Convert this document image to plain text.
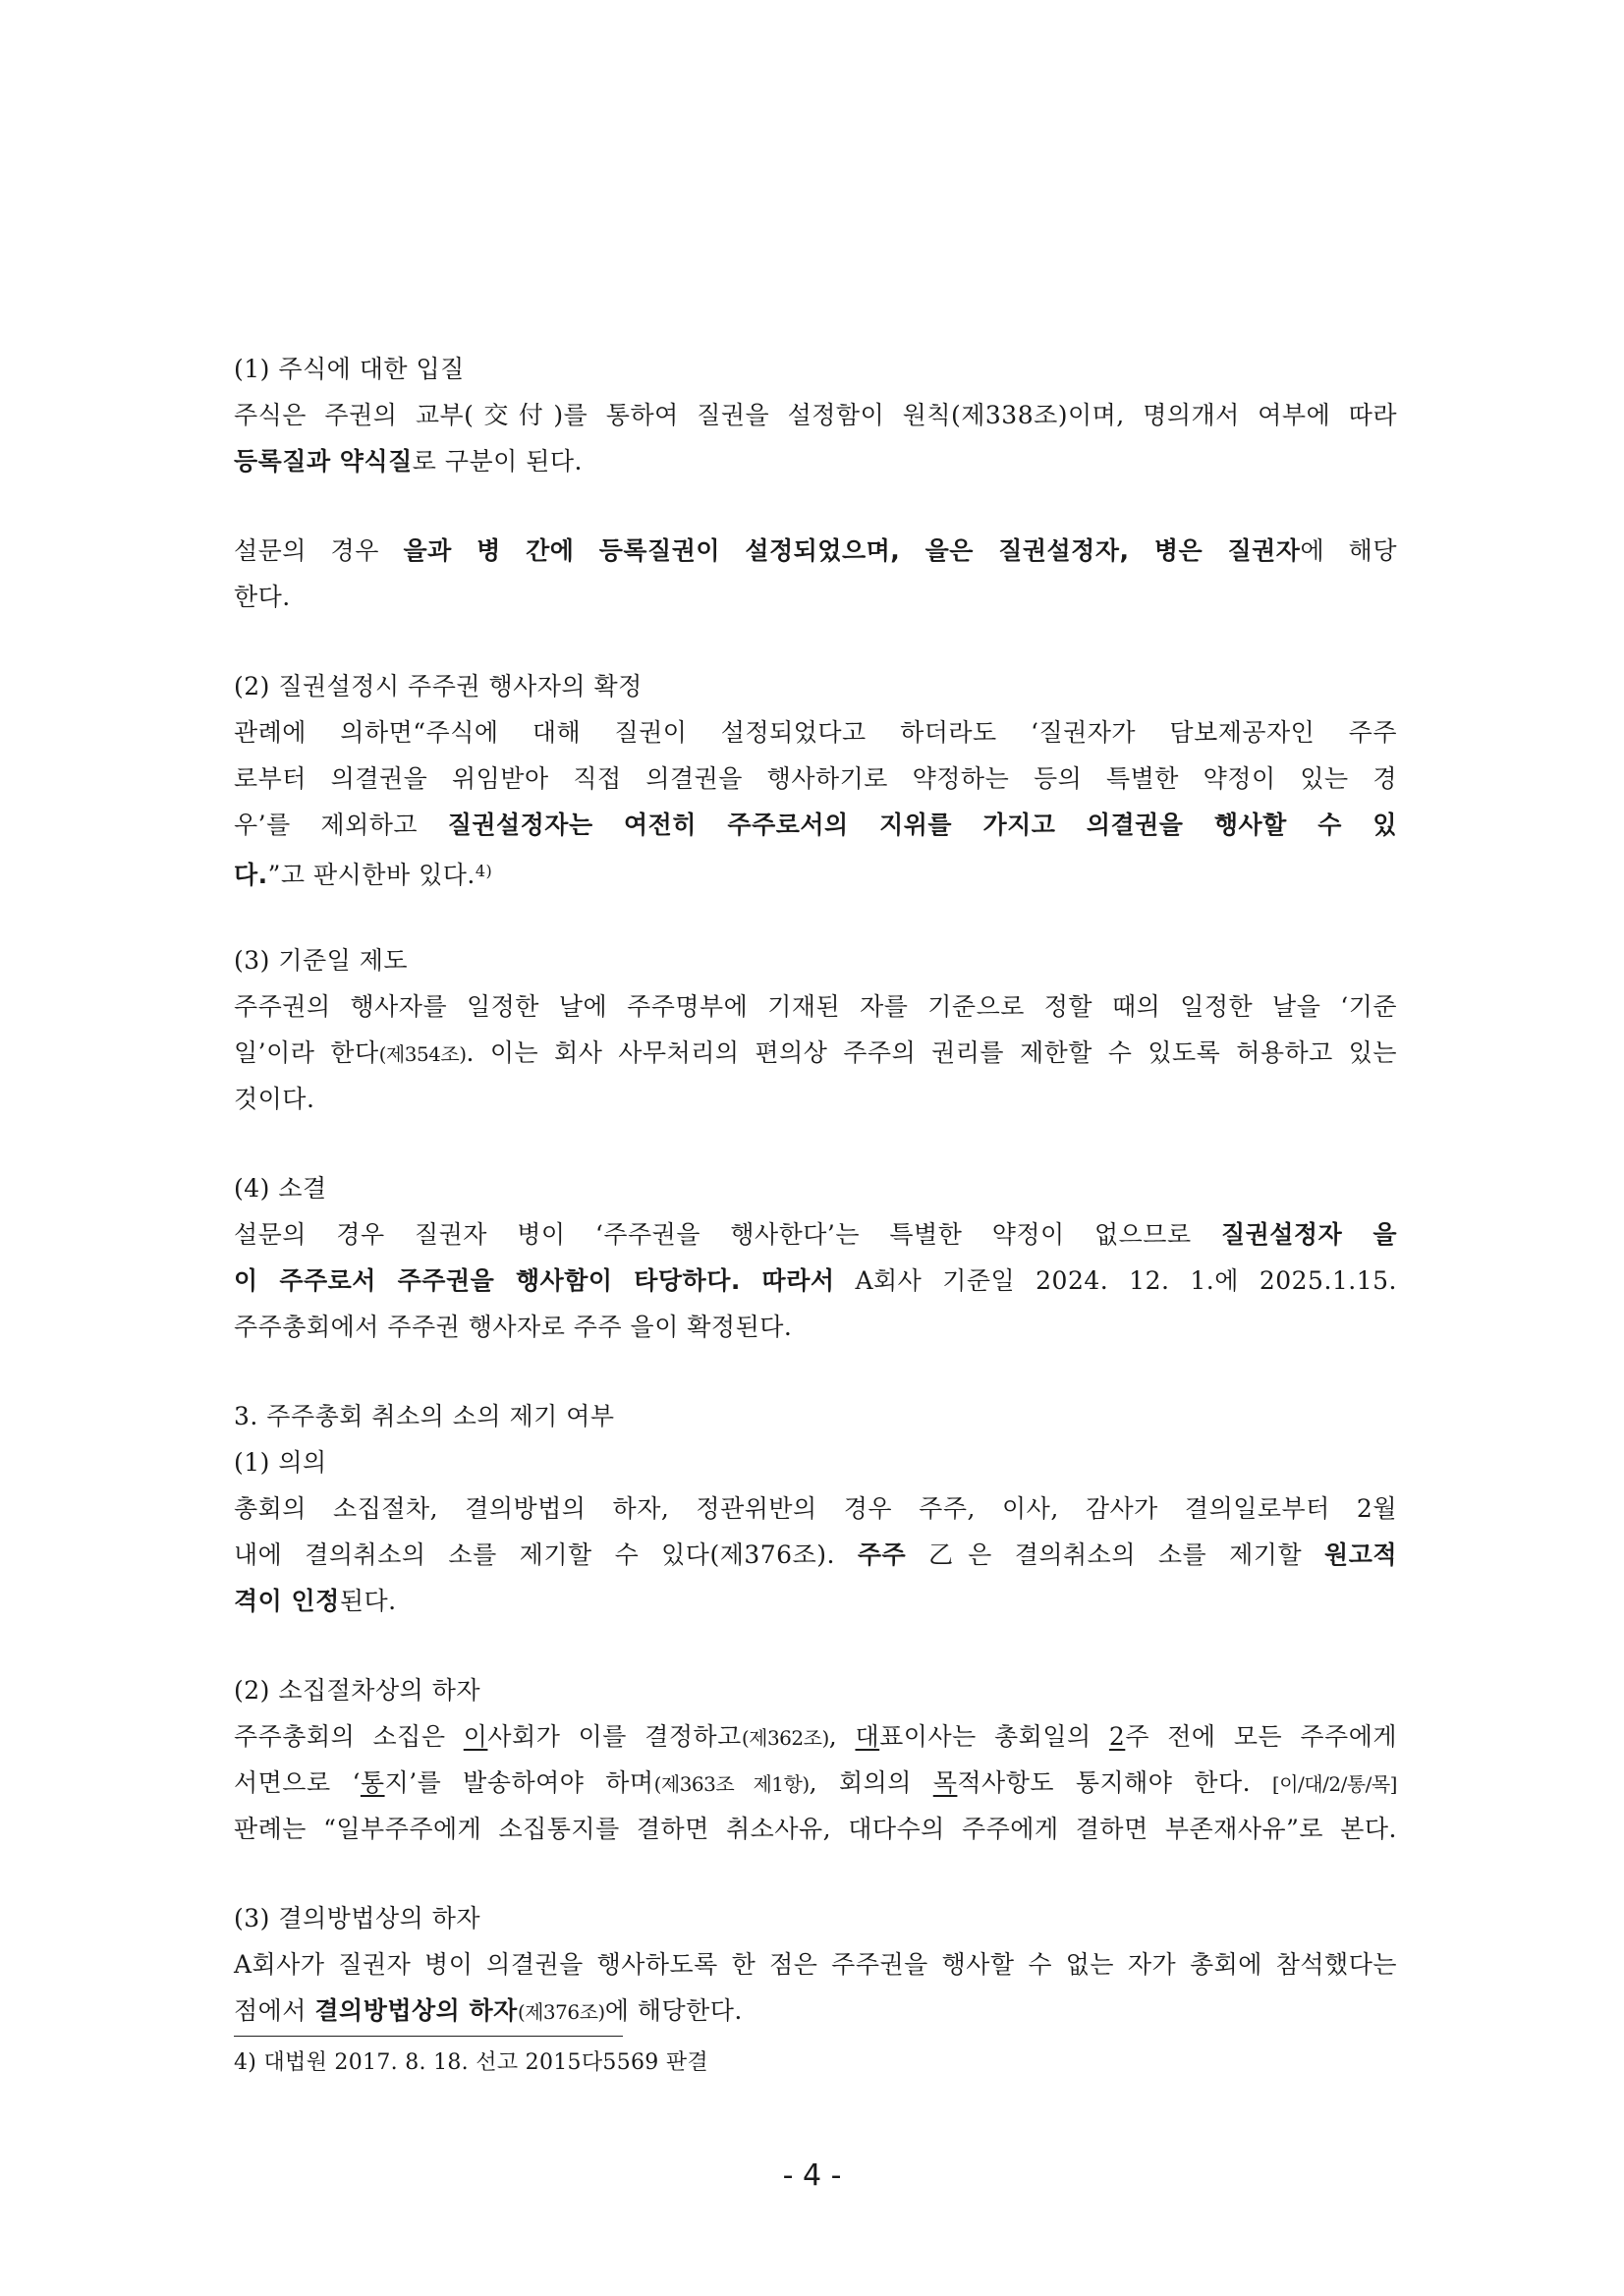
(1) 주식에 대한 입질
주식은 주권의 교부(交付)를 통하여 질권을 설정함이 원칙(제338조)이며, 명의개서 여부에 따라
등록질과 약식질로 구분이 된다.
설문의 경우 을과 병 간에 등록질권이 설정되었으며, 을은 질권설정자, 병은 질권자에 해당
한다.
(2) 질권설정시 주주권 행사자의 확정
관례에 의하면“주식에 대해 질권이 설정되었다고 하더라도 ‘질권자가 담보제공자인 주주
로부터 의결권을 위임받아 직접 의결권을 행사하기로 약정하는 등의 특별한 약정이 있는 경
우’를 제외하고 질권설정자는 여전히 주주로서의 지위를 가지고 의결권을 행사할 수 있
다.”고 판시한바 있다.$^{4)}$
(3) 기준일 제도
주주권의 행사자를 일정한 날에 주주명부에 기재된 자를 기준으로 정할 때의 일정한 날을 ‘기준
일’이라 한다(제354조). 이는 회사 사무처리의 편의상 주주의 권리를 제한할 수 있도록 허용하고 있는
것이다.
(4) 소결
설문의 경우 질권자 병이 ‘주주권을 행사한다’는 특별한 약정이 없으므로 질권설정자 을
이 주주로서 주주권을 행사함이 타당하다. 따라서 A회사 기준일 2024. 12. 1.에 2025.1.15.
주주총회에서 주주권 행사자로 주주 을이 확정된다.
3. 주주총회 취소의 소의 제기 여부
(1) 의의
총회의 소집절차, 결의방법의 하자, 정관위반의 경우 주주, 이사, 감사가 결의일로부터 2월
내에 결의취소의 소를 제기할 수 있다(제376조). 주주 乙은 결의취소의 소를 제기할 원고적
격이 인정된다.
(2) 소집절차상의 하자
주주총회의 소집은 이사회가 이를 결정하고(제362조), 대표이사는 총회일의 2주 전에 모든 주주에게
서면으로 ‘통지’를 발송하여야 하며(제363조 제1항), 회의의 목적사항도 통지해야 한다. [이/대/2/통/목]
판례는 “일부주주에게 소집통지를 결하면 취소사유, 대다수의 주주에게 결하면 부존재사유”로 본다.
(3) 결의방법상의 하자
A회사가 질권자 병이 의결권을 행사하도록 한 점은 주주권을 행사할 수 없는 자가 총회에 참석했다는
점에서 결의방법상의 하자(제376조)에 해당한다.
4) 대법원 2017. 8. 18. 선고 2015다5569 판결
- 4 -
